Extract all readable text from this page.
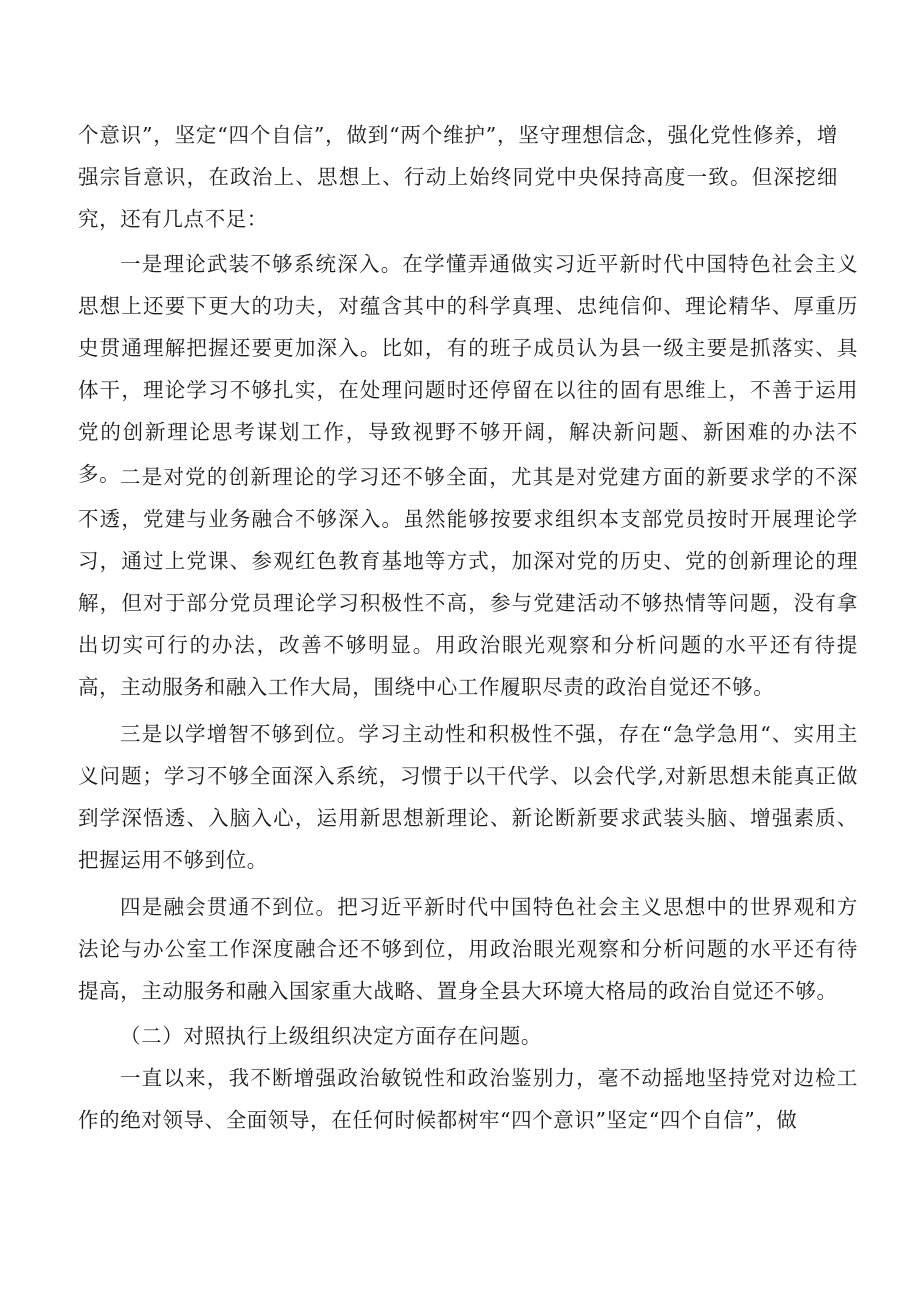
个意识”，坚定“四个自信”，做到“两个维护”，坚守理想信念，强化党性修养，增强宗旨意识，在政治上、思想上、行动上始终同党中央保持高度一致。但深挖细究，还有几点不足：

一是理论武装不够系统深入。在学懂弄通做实习近平新时代中国特色社会主义思想上还要下更大的功夫，对蕴含其中的科学真理、忠纯信仰、理论精华、厚重历史贯通理解把握还要更加深入。比如，有的班子成员认为县一级主要是抓落实、具体干，理论学习不够扎实，在处理问题时还停留在以往的固有思维上，不善于运用党的创新理论思考谋划工作，导致视野不够开阔，解决新问题、新困难的办法不多。 二是对党的创新理论的学习还不够全面，尤其是对党建方面的新要求学的不深不透，党建与业务融合不够深入。虽然能够按要求组织本支部党员按时开展理论学习，通过上党课、参观红色教育基地等方式，加深对党的历史、党的创新理论的理解，但对于部分党员理论学习积极性不高，参与党建活动不够热情等问题，没有拿出切实可行的办法，改善不够明显。用政治眼光观察和分析问题的水平还有待提高，主动服务和融入工作大局，围绕中心工作履职尽责的政治自觉还不够。

三是以学增智不够到位。学习主动性和积极性不强，存在“急学急用“、实用主义问题；学习不够全面深入系统，习惯于以干代学、以会代学,对新思想未能真正做到学深悟透、入脑入心，运用新思想新理论、新论断新要求武装头脑、增强素质、把握运用不够到位。

四是融会贯通不到位。把习近平新时代中国特色社会主义思想中的世界观和方法论与办公室工作深度融合还不够到位，用政治眼光观察和分析问题的水平还有待提高，主动服务和融入国家重大战略、置身全县大环境大格局的政治自觉还不够。

（二）对照执行上级组织决定方面存在问题。

一直以来，我不断增强政治敏锐性和政治鉴别力，毫不动摇地坚持党对边检工作的绝对领导、全面领导，在任何时候都树牢“四个意识”坚定“四个自信”，做
